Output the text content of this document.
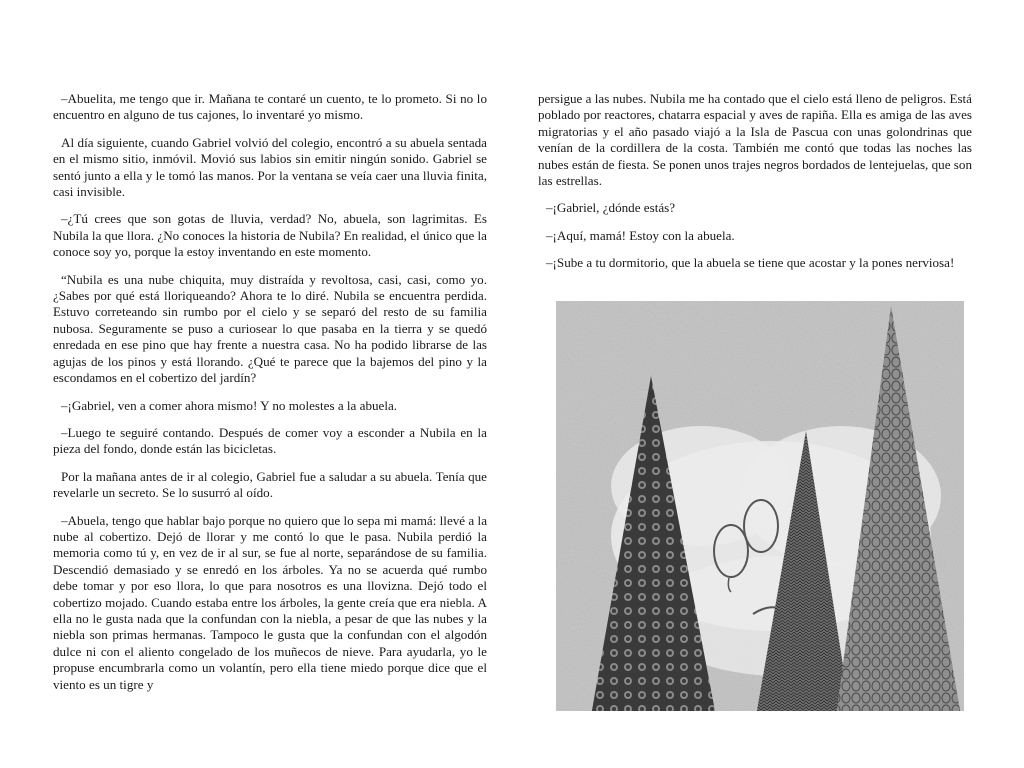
–Abuelita, me tengo que ir. Mañana te contaré un cuento, te lo prometo. Si no lo encuentro en alguno de tus cajones, lo inventaré yo mismo.

Al día siguiente, cuando Gabriel volvió del colegio, encontró a su abuela sentada en el mismo sitio, inmóvil. Movió sus labios sin emitir ningún sonido. Gabriel se sentó junto a ella y le tomó las manos. Por la ventana se veía caer una lluvia finita, casi invisible.

–¿Tú crees que son gotas de lluvia, verdad? No, abuela, son lagrimitas. Es Nubila la que llora. ¿No conoces la historia de Nubila? En realidad, el único que la conoce soy yo, porque la estoy inventando en este momento.

“Nubila es una nube chiquita, muy distraída y revoltosa, casi, casi, como yo. ¿Sabes por qué está lloriqueando? Ahora te lo diré. Nubila se encuentra perdida. Estuvo correteando sin rumbo por el cielo y se separó del resto de su familia nubosa. Seguramente se puso a curiosear lo que pasaba en la tierra y se quedó enredada en ese pino que hay frente a nuestra casa. No ha podido librarse de las agujas de los pinos y está llorando. ¿Qué te parece que la bajemos del pino y la escondamos en el cobertizo del jardín?

–¡Gabriel, ven a comer ahora mismo! Y no molestes a la abuela.

–Luego te seguiré contando. Después de comer voy a esconder a Nubila en la pieza del fondo, donde están las bicicletas.

Por la mañana antes de ir al colegio, Gabriel fue a saludar a su abuela. Tenía que revelarle un secreto. Se lo susurró al oído.

–Abuela, tengo que hablar bajo porque no quiero que lo sepa mi mamá: llevé a la nube al cobertizo. Dejó de llorar y me contó lo que le pasa. Nubila perdió la memoria como tú y, en vez de ir al sur, se fue al norte, separándose de su familia. Descendió demasiado y se enredó en los árboles. Ya no se acuerda qué rumbo debe tomar y por eso llora, lo que para nosotros es una llovizna. Dejó todo el cobertizo mojado. Cuando estaba entre los árboles, la gente creía que era niebla. A ella no le gusta nada que la confundan con la niebla, a pesar de que las nubes y la niebla son primas hermanas. Tampoco le gusta que la confundan con el algodón dulce ni con el aliento congelado de los muñecos de nieve. Para ayudarla, yo le propuse encumbrarla como un volantín, pero ella tiene miedo porque dice que el viento es un tigre y

persigue a las nubes. Nubila me ha contado que el cielo está lleno de peligros. Está poblado por reactores, chatarra espacial y aves de rapiña. Ella es amiga de las aves migratorias y el año pasado viajó a la Isla de Pascua con unas golondrinas que venían de la cordillera de la costa. También me contó que todas las noches las nubes están de fiesta. Se ponen unos trajes negros bordados de lentejuelas, que son las estrellas.

–¡Gabriel, ¿dónde estás?

–¡Aquí, mamá! Estoy con la abuela.

–¡Sube a tu dormitorio, que la abuela se tiene que acostar y la pones nerviosa!
